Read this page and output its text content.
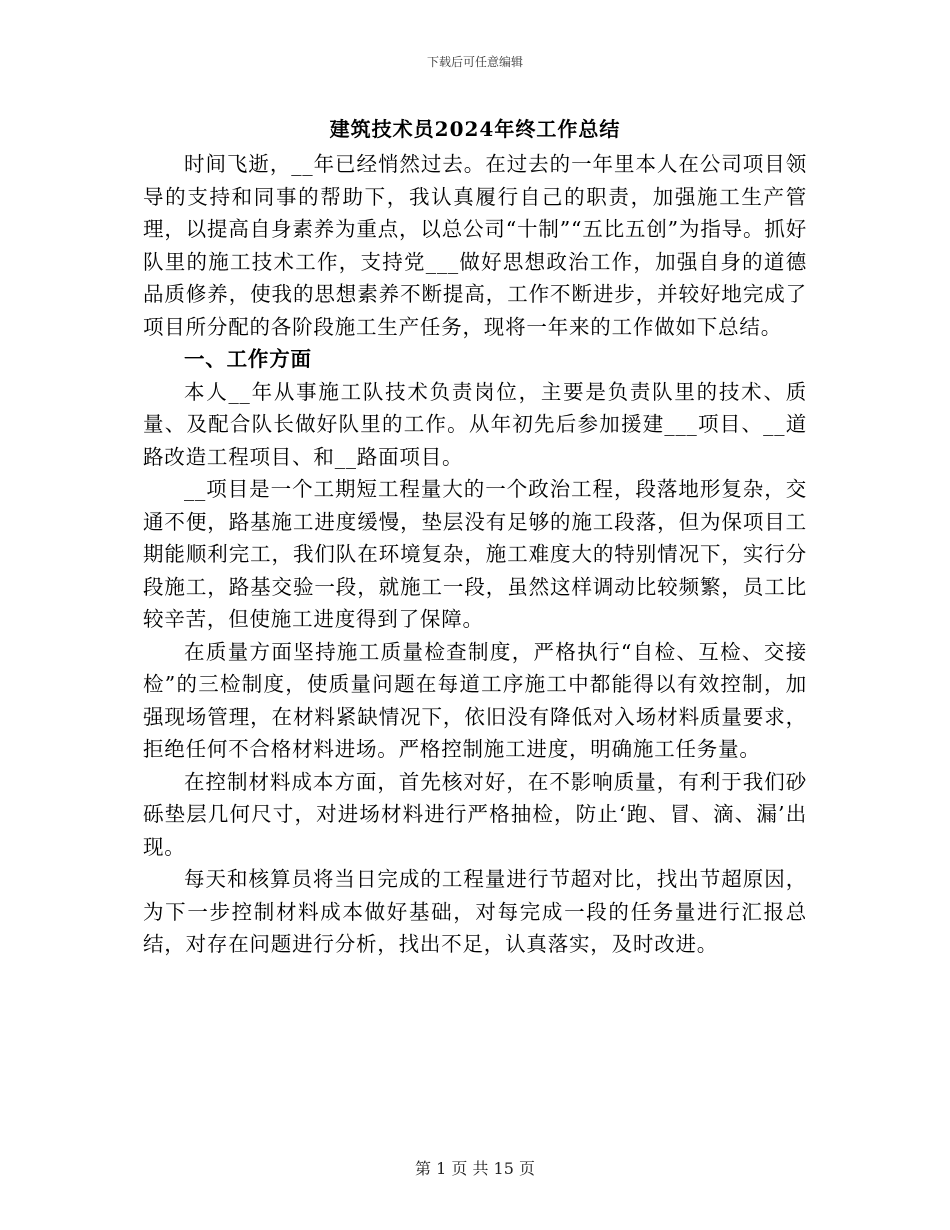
下载后可任意编辑
建筑技术员2024年终工作总结

时间飞逝，__年已经悄然过去。在过去的一年里本人在公司项目领导的支持和同事的帮助下，我认真履行自己的职责，加强施工生产管理，以提高自身素养为重点，以总公司“十制”“五比五创”为指导。抓好队里的施工技术工作，支持党___做好思想政治工作，加强自身的道德品质修养，使我的思想素养不断提高，工作不断进步，并较好地完成了项目所分配的各阶段施工生产任务，现将一年来的工作做如下总结。

一、工作方面

本人__年从事施工队技术负责岗位，主要是负责队里的技术、质量、及配合队长做好队里的工作。从年初先后参加援建___项目、__道路改造工程项目、和__路面项目。

__项目是一个工期短工程量大的一个政治工程，段落地形复杂，交通不便，路基施工进度缓慢，垫层没有足够的施工段落，但为保项目工期能顺利完工，我们队在环境复杂，施工难度大的特别情况下，实行分段施工，路基交验一段，就施工一段，虽然这样调动比较频繁，员工比较辛苦，但使施工进度得到了保障。

在质量方面坚持施工质量检查制度，严格执行“自检、互检、交接检”的三检制度，使质量问题在每道工序施工中都能得以有效控制，加强现场管理，在材料紧缺情况下，依旧没有降低对入场材料质量要求，拒绝任何不合格材料进场。严格控制施工进度，明确施工任务量。

在控制材料成本方面，首先核对好，在不影响质量，有利于我们砂砾垫层几何尺寸，对进场材料进行严格抽检，防止‘跑、冒、滴、漏’出现。

每天和核算员将当日完成的工程量进行节超对比，找出节超原因，为下一步控制材料成本做好基础，对每完成一段的任务量进行汇报总结，对存在问题进行分析，找出不足，认真落实，及时改进。

第 1 页 共 15 页
